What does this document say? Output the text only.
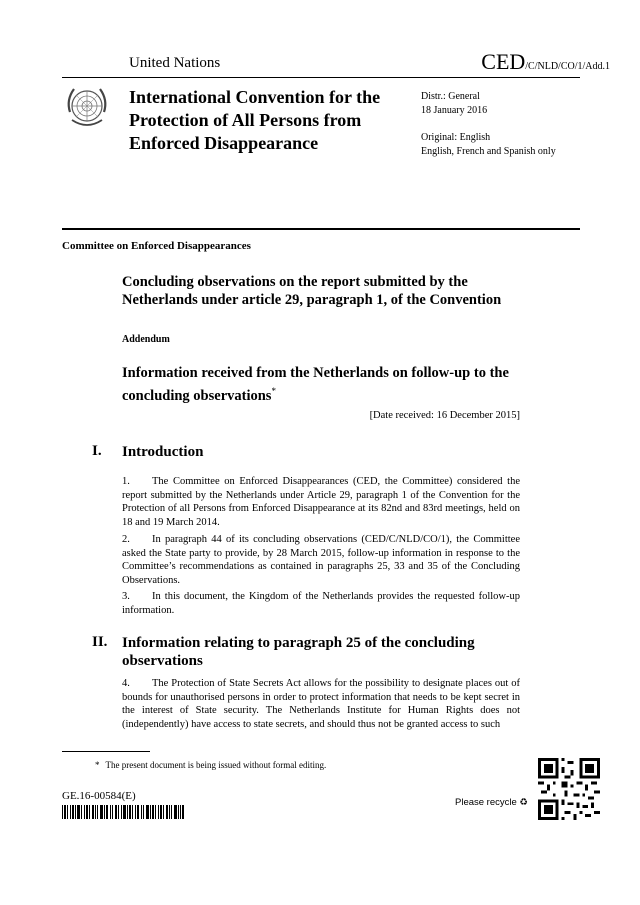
United Nations	CED/C/NLD/CO/1/Add.1
International Convention for the Protection of All Persons from Enforced Disappearance
Distr.: General
18 January 2016
Original: English
English, French and Spanish only
Committee on Enforced Disappearances
Concluding observations on the report submitted by the Netherlands under article 29, paragraph 1, of the Convention
Addendum
Information received from the Netherlands on follow-up to the concluding observations*
[Date received: 16 December 2015]
I. Introduction
1. The Committee on Enforced Disappearances (CED, the Committee) considered the report submitted by the Netherlands under Article 29, paragraph 1 of the Convention for the Protection of all Persons from Enforced Disappearance at its 82nd and 83rd meetings, held on 18 and 19 March 2014.
2. In paragraph 44 of its concluding observations (CED/C/NLD/CO/1), the Committee asked the State party to provide, by 28 March 2015, follow-up information in response to the Committee’s recommendations as contained in paragraphs 25, 33 and 35 of the Concluding Observations.
3. In this document, the Kingdom of the Netherlands provides the requested follow-up information.
II. Information relating to paragraph 25 of the concluding observations
4. The Protection of State Secrets Act allows for the possibility to designate places out of bounds for unauthorised persons in order to protect information that needs to be kept secret in the interest of State security. The Netherlands Institute for Human Rights does not (independently) have access to state secrets, and should thus not be granted access to such
* The present document is being issued without formal editing.
GE.16-00584(E)
Please recycle ♻
